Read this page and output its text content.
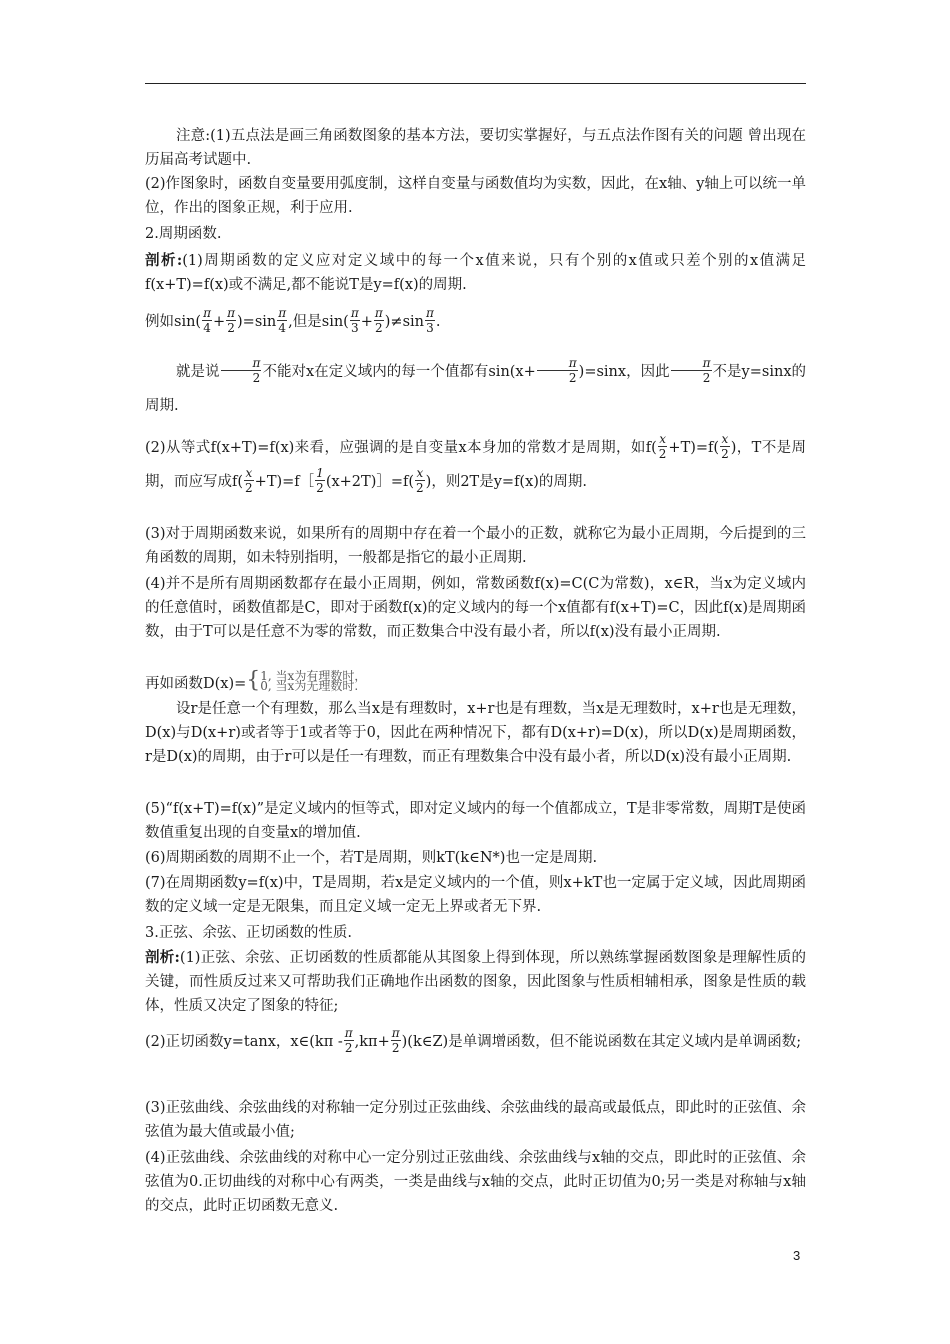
注意:(1)五点法是画三角函数图象的基本方法，要切实掌握好，与五点法作图有关的问题 曾出现在历届高考试题中.
(2)作图象时，函数自变量要用弧度制，这样自变量与函数值均为实数，因此，在x轴、y轴上可以统一单位，作出的图象正规，利于应用.
2.周期函数.
剖析:(1)周期函数的定义应对定义域中的每一个x值来说，只有个别的x值或只差个别的x值满足f(x+T)=f(x)或不满足,都不能说T是y=f(x)的周期.
例如$\sin( \frac{\pi}{4} + \frac{\pi}{2} )=\sin \frac{\pi}{4}$ ,但是$\sin( \frac{\pi}{3} + \frac{\pi}{2} )\ne\sin \frac{\pi}{3}$ .
就是说 $\frac{\pi}{2}$ 不能对x在定义域内的每一个值都有$\sin(x+ \frac{\pi}{2} )=\sin x$，因此 $\frac{\pi}{2}$ 不是y=sinx的周期.
(2)从等式f(x+T)=f(x)来看，应强调的是自变量x本身加的常数才是周期，如$f( \frac{x}{2} +T)=f( \frac{x}{2}$ )，T不是周期，而应写成$f( \frac{x}{2}$ +T)=f［ $\frac{1}{2}$ (x+2T)］=f( $\frac{x}{2}$ )，则2T是y=f(x)的周期.
(3)对于周期函数来说，如果所有的周期中存在着一个最小的正数，就称它为最小正周期，今后提到的三角函数的周期，如未特别指明，一般都是指它的最小正周期.
(4)并不是所有周期函数都存在最小正周期，例如，常数函数f(x)=C(C为常数)，x∈R，当x为定义域内的任意值时，函数值都是C，即对于函数f(x)的定义域内的每一个x值都有f(x+T)=C，因此f(x)是周期函数，由于T可以是任意不为零的常数，而正数集合中没有最小者，所以f(x)没有最小正周期.
再如函数D(x)={ 1, 当x为有理数时，
0, 当x为无理数时.
设r是任意一个有理数，那么当x是有理数时，x+r也是有理数，当x是无理数时，x+r也是无理数，D(x)与D(x+r)或者等于1或者等于0，因此在两种情况下，都有D(x+r)=D(x)，所以D(x)是周期函数，r是D(x)的周期，由于r可以是任一有理数，而正有理数集合中没有最小者，所以D(x)没有最小正周期.
(5)“f(x+T)=f(x)”是定义域内的恒等式，即对定义域内的每一个值都成立，T是非零常数，周期T是使函数值重复出现的自变量x的增加值.
(6)周期函数的周期不止一个，若T是周期，则kT(k∈N*)也一定是周期.
(7)在周期函数y=f(x)中，T是周期，若x是定义域内的一个值，则x+kT也一定属于定义域，因此周期函数的定义域一定是无限集，而且定义域一定无上界或者无下界.
3.正弦、余弦、正切函数的性质.
剖析:(1)正弦、余弦、正切函数的性质都能从其图象上得到体现，所以熟练掌握函数图象是理解性质的关键，而性质反过来又可帮助我们正确地作出函数的图象，因此图象与性质相辅相承，图象是性质的载体，性质又决定了图象的特征;
(2)正切函数y=tanx，x∈(kπ - $\frac{\pi}{2} ,k\pi+ \frac{\pi}{2}$ )(k∈Z)是单调增函数，但不能说函数在其定义域内是单调函数;
(3)正弦曲线、余弦曲线的对称轴一定分别过正弦曲线、余弦曲线的最高或最低点，即此时的正弦值、余弦值为最大值或最小值;
(4)正弦曲线、余弦曲线的对称中心一定分别过正弦曲线、余弦曲线与x轴的交点，即此时的正弦值、余弦值为0.正切曲线的对称中心有两类，一类是曲线与x轴的交点，此时正切值为0;另一类是对称轴与x轴的交点，此时正切函数无意义.
3
